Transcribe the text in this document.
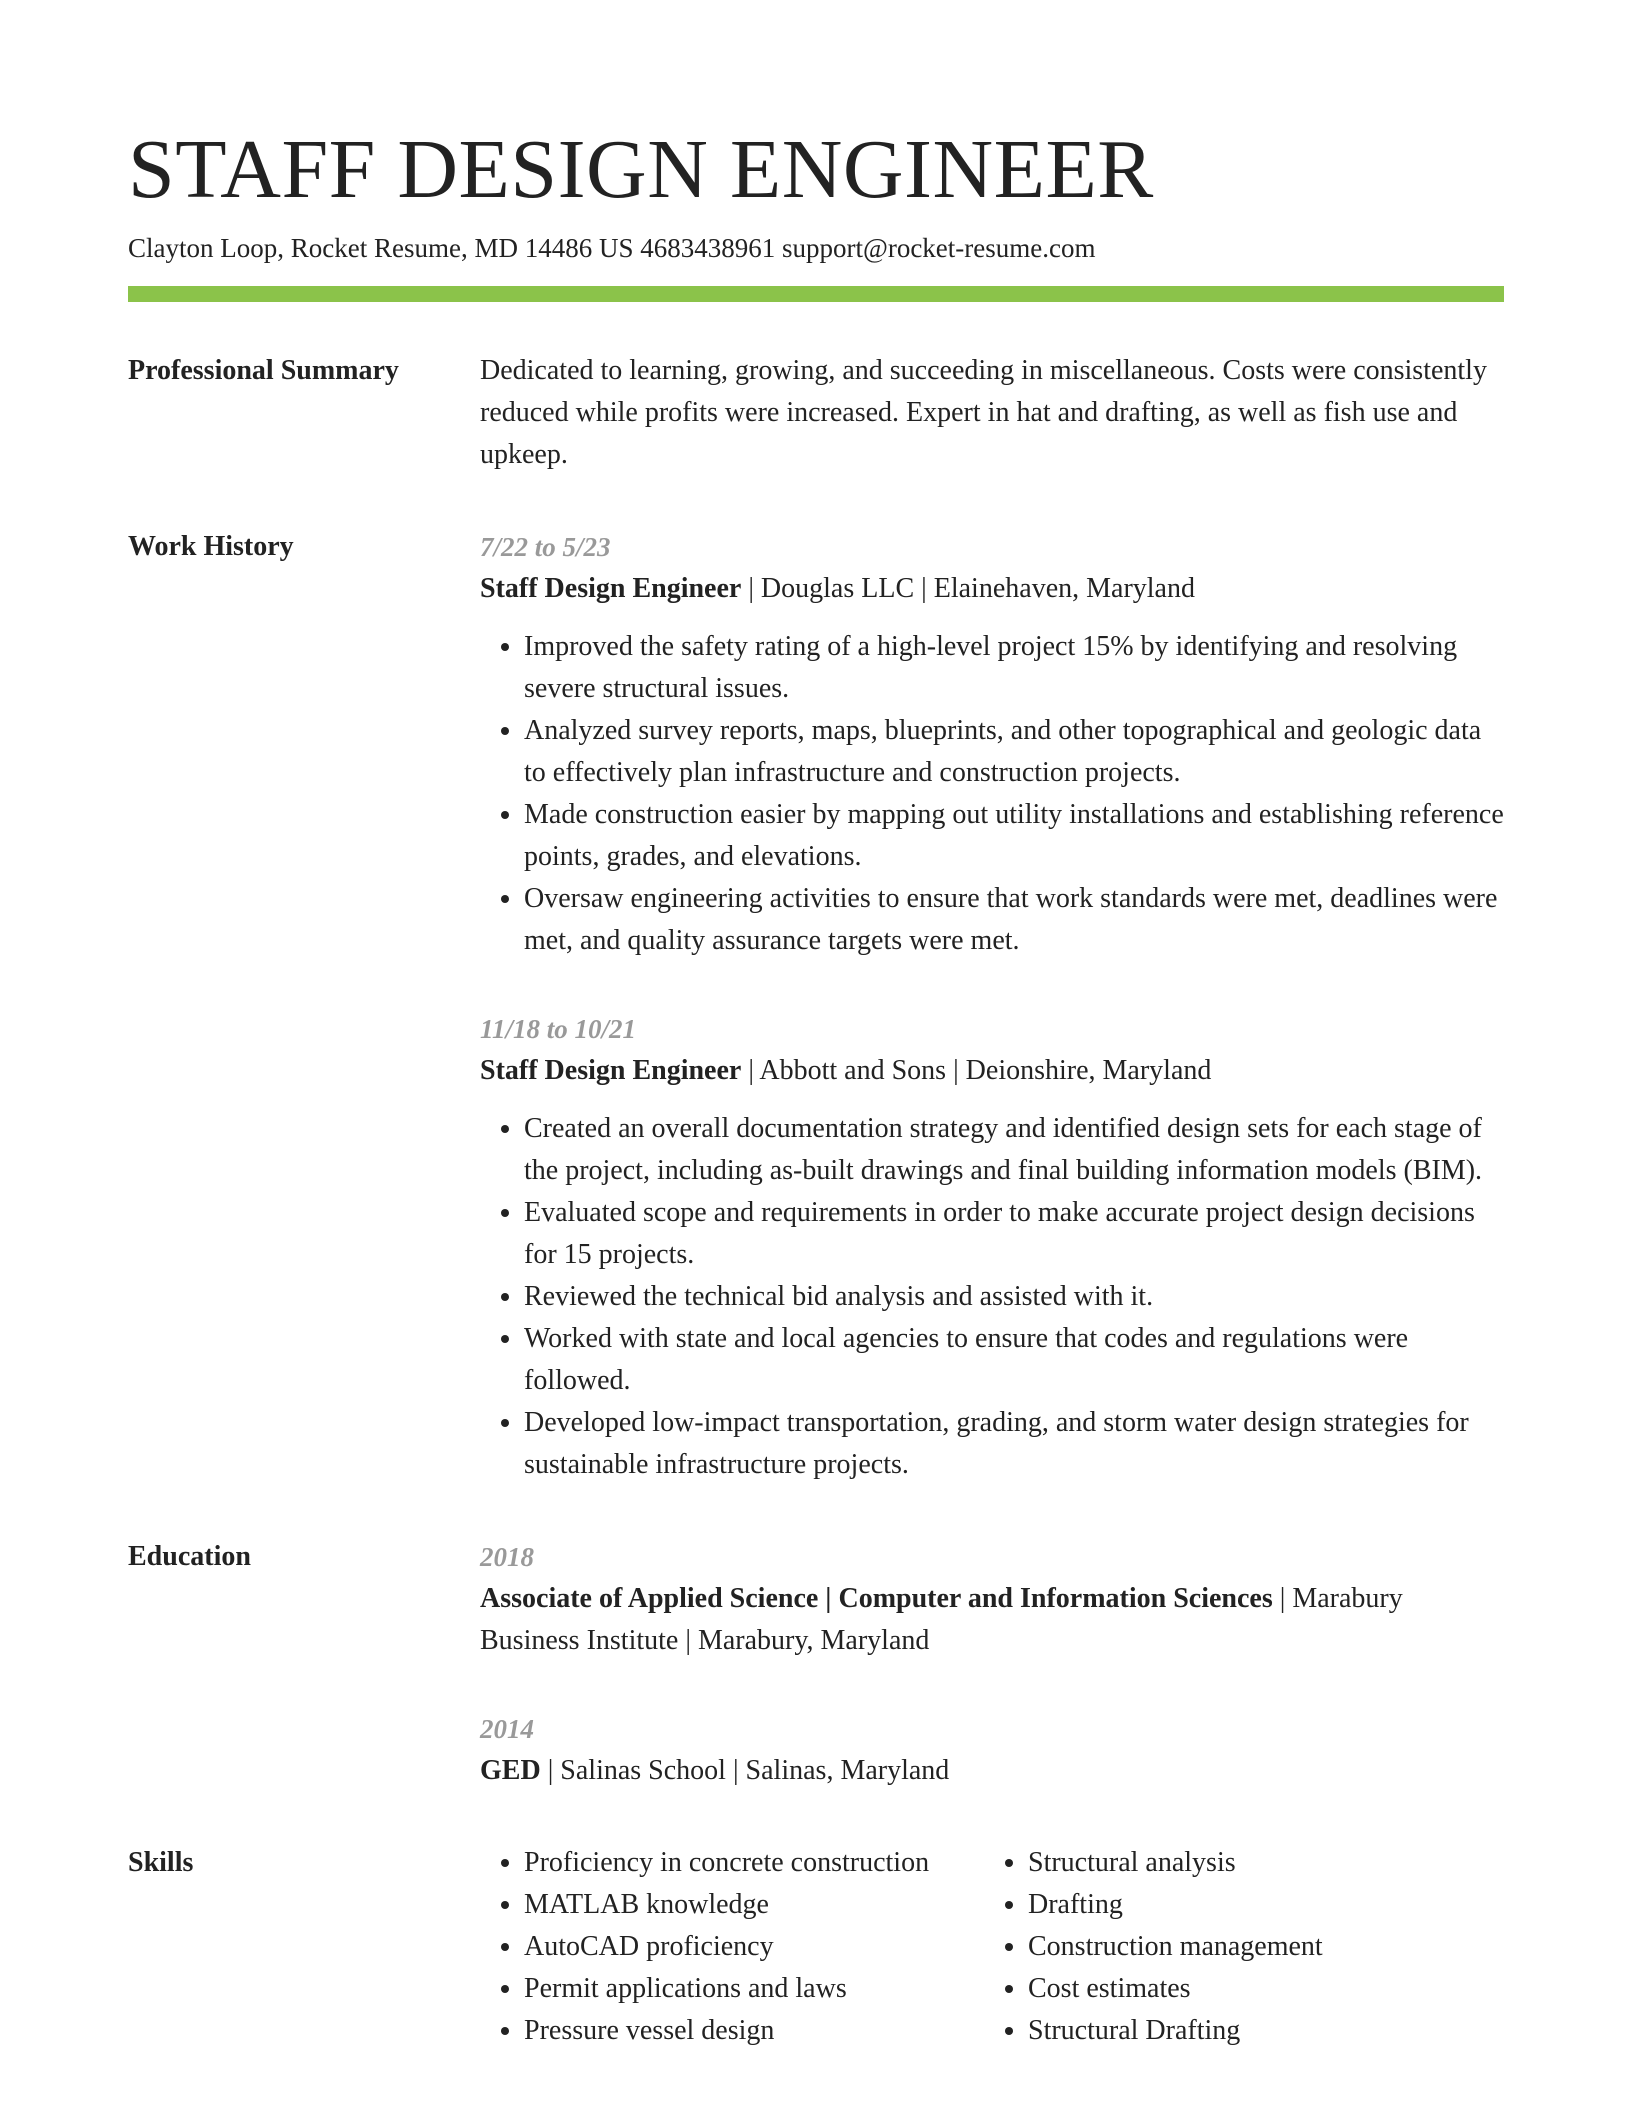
STAFF DESIGN ENGINEER
Clayton Loop, Rocket Resume, MD 14486 US 4683438961 support@rocket-resume.com
Professional Summary	Dedicated to learning, growing, and succeeding in miscellaneous. Costs were consistently reduced while profits were increased. Expert in hat and drafting, as well as fish use and upkeep.

Work History	7/22 to 5/23
Staff Design Engineer | Douglas LLC | Elainehaven, Maryland
• Improved the safety rating of a high-level project 15% by identifying and resolving severe structural issues.
• Analyzed survey reports, maps, blueprints, and other topographical and geologic data to effectively plan infrastructure and construction projects.
• Made construction easier by mapping out utility installations and establishing reference points, grades, and elevations.
• Oversaw engineering activities to ensure that work standards were met, deadlines were met, and quality assurance targets were met.
11/18 to 10/21
Staff Design Engineer | Abbott and Sons | Deionshire, Maryland
• Created an overall documentation strategy and identified design sets for each stage of the project, including as-built drawings and final building information models (BIM).
• Evaluated scope and requirements in order to make accurate project design decisions for 15 projects.
• Reviewed the technical bid analysis and assisted with it.
• Worked with state and local agencies to ensure that codes and regulations were followed.
• Developed low-impact transportation, grading, and storm water design strategies for sustainable infrastructure projects.
Education	2018
Associate of Applied Science | Computer and Information Sciences | Marabury Business Institute | Marabury, Maryland
2014
GED | Salinas School | Salinas, Maryland
Skills
•	Proficiency in concrete construction
• MATLAB knowledge
• AutoCAD proficiency
• Permit applications and laws
• Pressure vessel design
• Structural analysis
• Drafting
• Construction management
• Cost estimates
• Structural Drafting
